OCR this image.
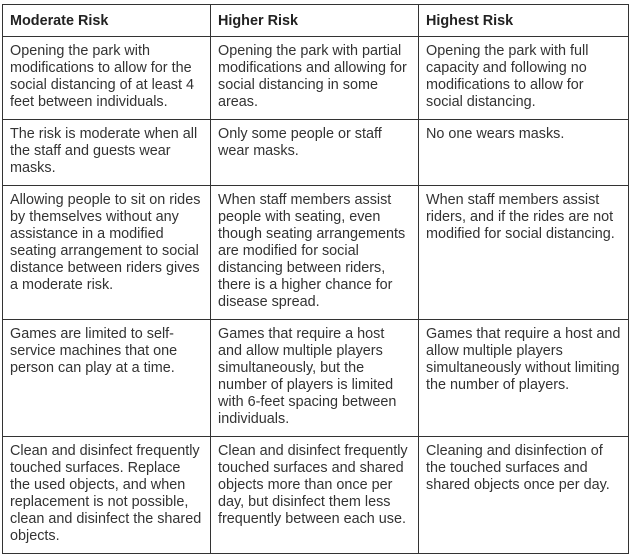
Moderate Risk	Higher Risk	Highest Risk
Opening the park with modifications to allow for the social distancing of at least 4 feet between individuals.	Opening the park with partial modifications and allowing for social distancing in some areas.	Opening the park with full capacity and following no modifications to allow for social distancing.
The risk is moderate when all the staff and guests wear masks.	Only some people or staff wear masks.	No one wears masks.
Allowing people to sit on rides by themselves without any assistance in a modified seating arrangement to social distance between riders gives a moderate risk.	When staff members assist people with seating, even though seating arrangements are modified for social distancing between riders, there is a higher chance for disease spread.	When staff members assist riders, and if the rides are not modified for social distancing.
Games are limited to self-service machines that one person can play at a time.	Games that require a host and allow multiple players simultaneously, but the number of players is limited with 6-feet spacing between individuals.	Games that require a host and allow multiple players simultaneously without limiting the number of players.
Clean and disinfect frequently touched surfaces. Replace the used objects, and when replacement is not possible, clean and disinfect the shared objects.	Clean and disinfect frequently touched surfaces and shared objects more than once per day, but disinfect them less frequently between each use.	Cleaning and disinfection of the touched surfaces and shared objects once per day.
